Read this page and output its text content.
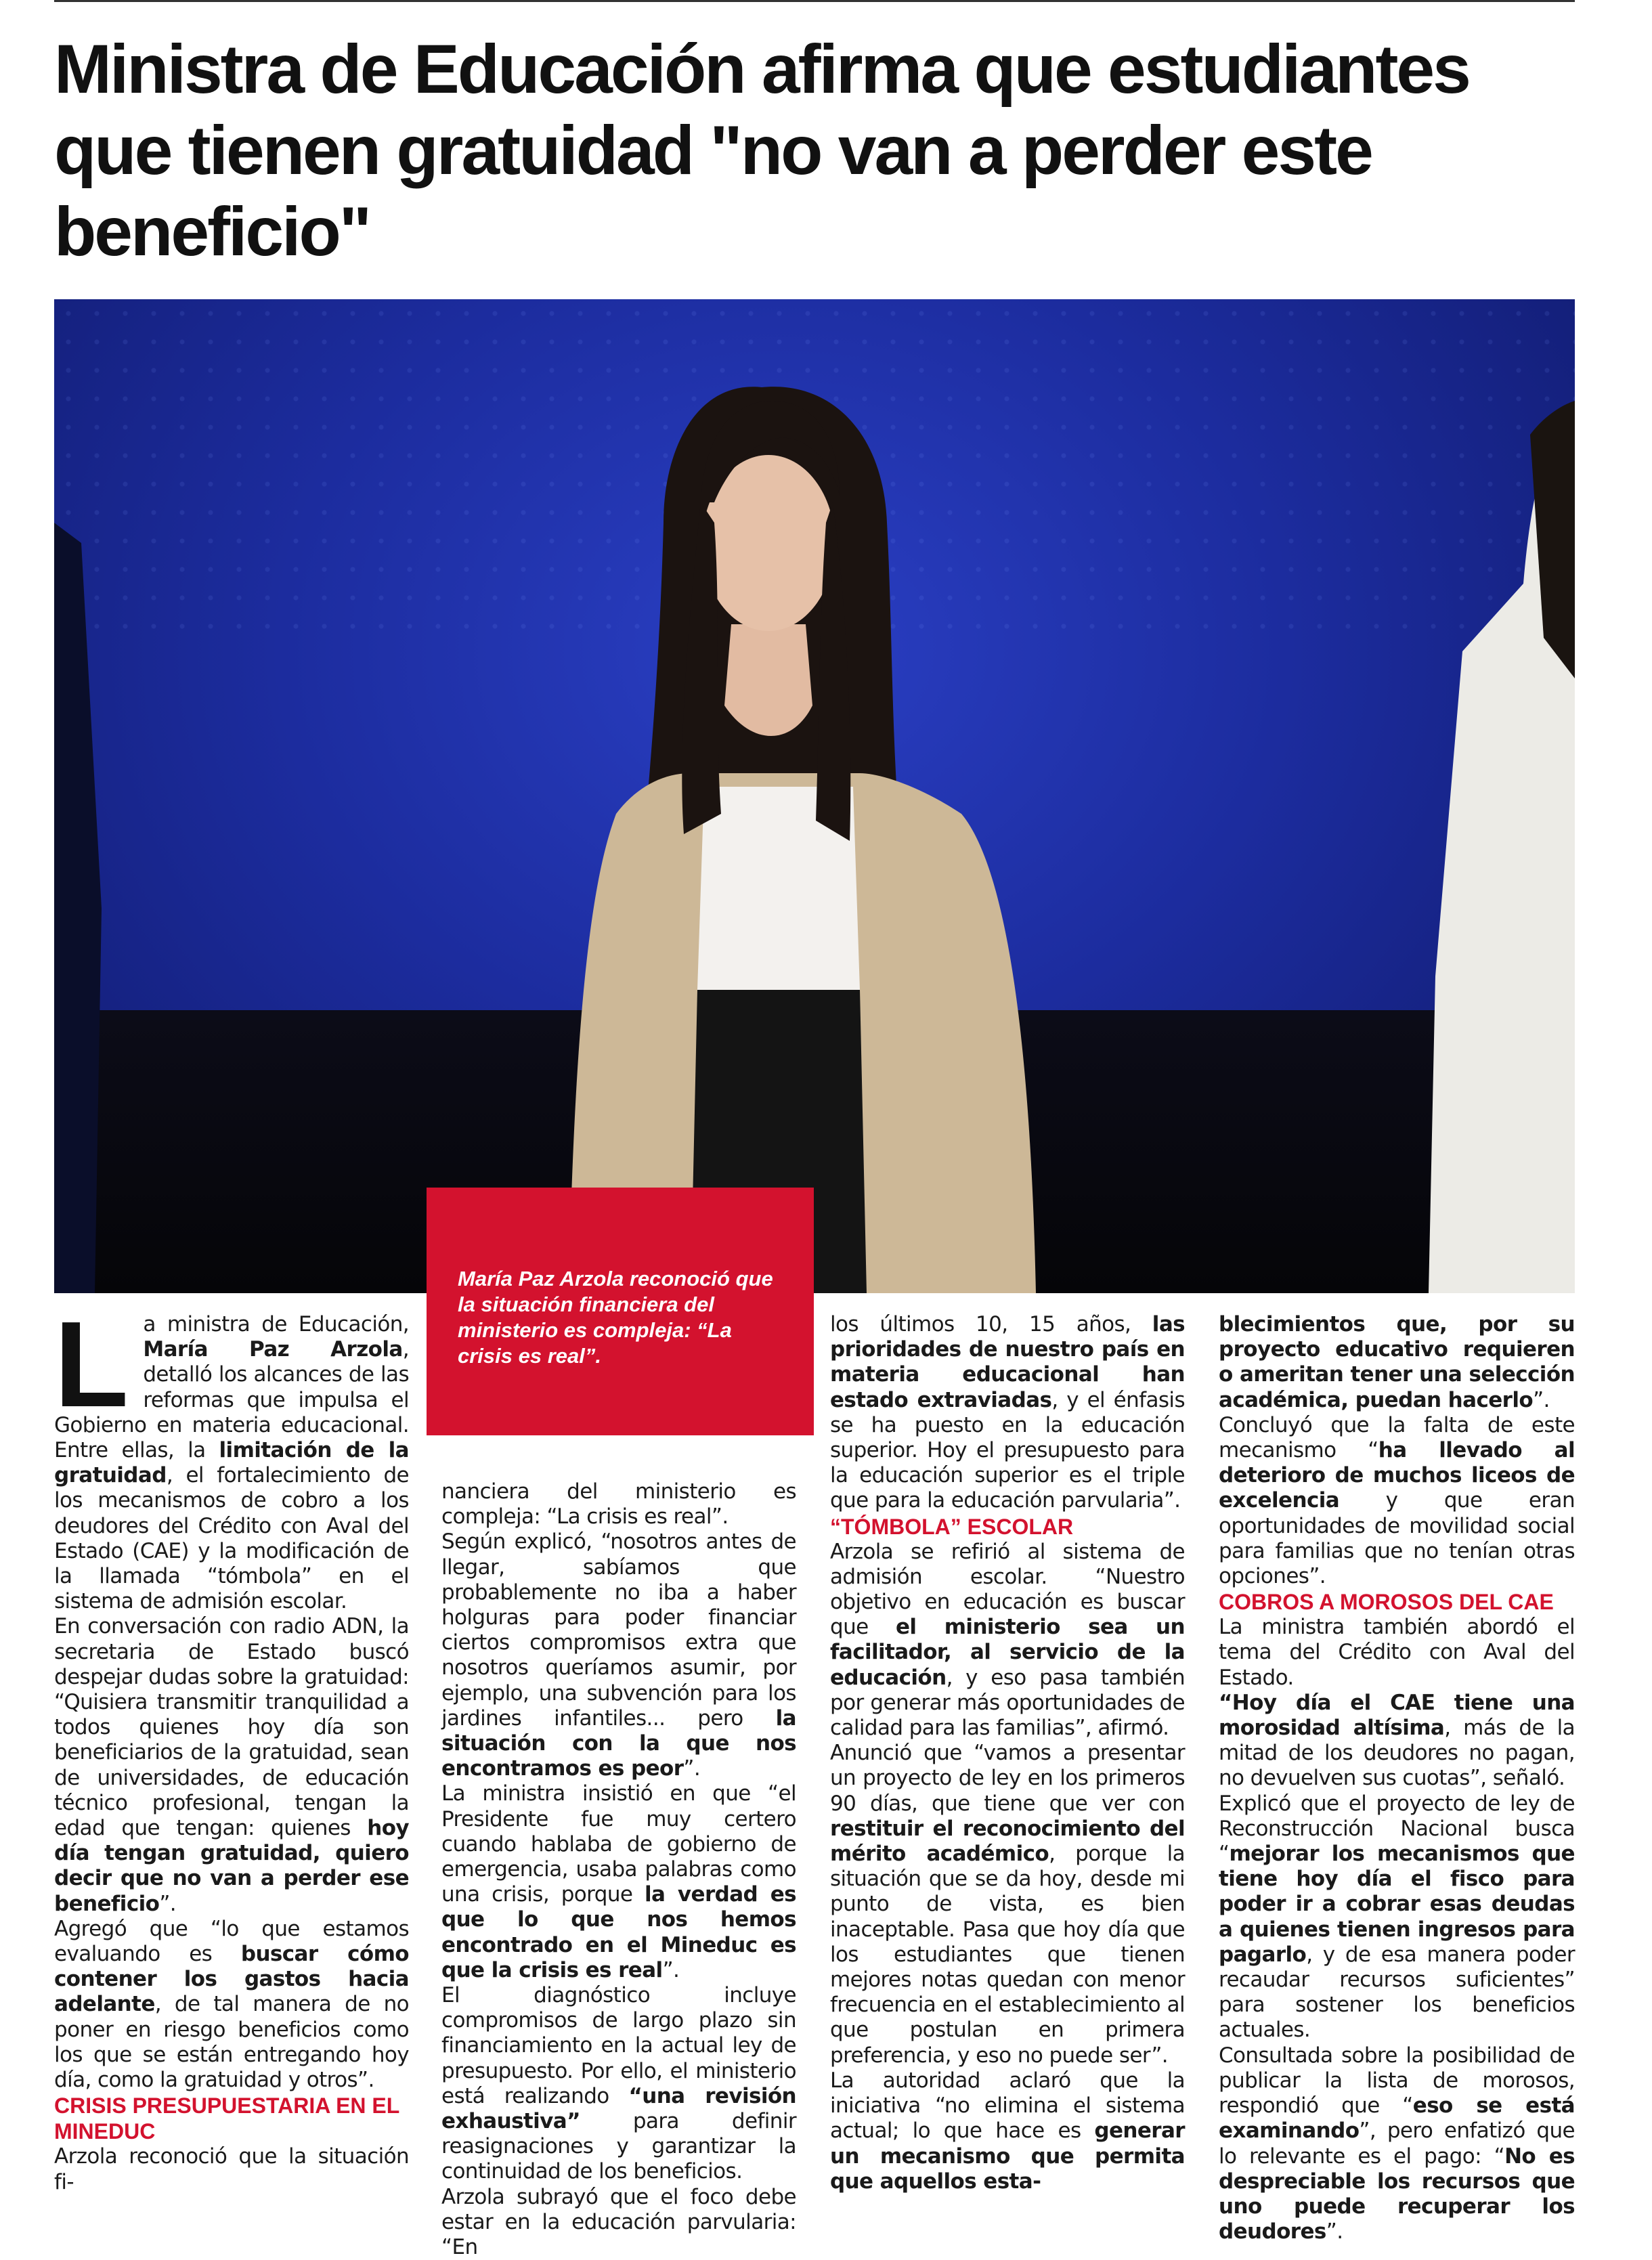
Ministra de Educación afirma que estudiantes que tienen gratuidad "no van a perder este beneficio"
María Paz Arzola reconoció que la situación financiera del ministerio es compleja: “La crisis es real”.
L a ministra de Educación, María Paz Arzola, detalló los alcances de las reformas que impulsa el Gobierno en materia educacional. Entre ellas, la limitación de la gratuidad, el fortalecimiento de los mecanismos de cobro a los deudores del Crédito con Aval del Estado (CAE) y la modificación de la llamada “tómbola” en el sistema de admisión escolar.

En conversación con radio ADN, la secretaria de Estado buscó despejar dudas sobre la gratuidad: “Quisiera transmitir tranquilidad a todos quienes hoy día son beneficiarios de la gratuidad, sean de universidades, de educación técnico profesional, tengan la edad que tengan: quienes hoy día tengan gratuidad, quiero decir que no van a perder ese beneficio”.

Agregó que “lo que estamos evaluando es buscar cómo contener los gastos hacia adelante, de tal manera de no poner en riesgo beneficios como los que se están entregando hoy día, como la gratuidad y otros”.

CRISIS PRESUPUESTARIA EN EL MINEDUC

Arzola reconoció que la situación fi-

nanciera del ministerio es compleja: “La crisis es real”.

Según explicó, “nosotros antes de llegar, sabíamos que probablemente no iba a haber holguras para poder financiar ciertos compromisos extra que nosotros queríamos asumir, por ejemplo, una subvención para los jardines infantiles... pero la situación con la que nos encontramos es peor”.

La ministra insistió en que “el Presidente fue muy certero cuando hablaba de gobierno de emergencia, usaba palabras como una crisis, porque la verdad es que lo que nos hemos encontrado en el Mineduc es que la crisis es real”.

El diagnóstico incluye compromisos de largo plazo sin financiamiento en la actual ley de presupuesto. Por ello, el ministerio está realizando “una revisión exhaustiva” para definir reasignaciones y garantizar la continuidad de los beneficios.

Arzola subrayó que el foco debe estar en la educación parvularia: “En

los últimos 10, 15 años, las prioridades de nuestro país en materia educacional han estado extraviadas, y el énfasis se ha puesto en la educación superior. Hoy el presupuesto para la educación superior es el triple que para la educación parvularia”.

“TÓMBOLA” ESCOLAR

Arzola se refirió al sistema de admisión escolar. “Nuestro objetivo en educación es buscar que el ministerio sea un facilitador, al servicio de la educación, y eso pasa también por generar más oportunidades de calidad para las familias”, afirmó.

Anunció que “vamos a presentar un proyecto de ley en los primeros 90 días, que tiene que ver con restituir el reconocimiento del mérito académico, porque la situación que se da hoy, desde mi punto de vista, es bien inaceptable. Pasa que hoy día que los estudiantes que tienen mejores notas quedan con menor frecuencia en el establecimiento al que postulan en primera preferencia, y eso no puede ser”.

La autoridad aclaró que la iniciativa “no elimina el sistema actual; lo que hace es generar un mecanismo que permita que aquellos esta-

blecimientos que, por su proyecto educativo requieren o ameritan tener una selección académica, puedan hacerlo”.

Concluyó que la falta de este mecanismo “ha llevado al deterioro de muchos liceos de excelencia y que eran oportunidades de movilidad social para familias que no tenían otras opciones”.

COBROS A MOROSOS DEL CAE

La ministra también abordó el tema del Crédito con Aval del Estado.

“Hoy día el CAE tiene una morosidad altísima, más de la mitad de los deudores no pagan, no devuelven sus cuotas”, señaló.

Explicó que el proyecto de ley de Reconstrucción Nacional busca “mejorar los mecanismos que tiene hoy día el fisco para poder ir a cobrar esas deudas a quienes tienen ingresos para pagarlo, y de esa manera poder recaudar recursos suficientes” para sostener los beneficios actuales.

Consultada sobre la posibilidad de publicar la lista de morosos, respondió que “eso se está examinando”, pero enfatizó que lo relevante es el pago: “No es despreciable los recursos que uno puede recuperar los deudores”.
